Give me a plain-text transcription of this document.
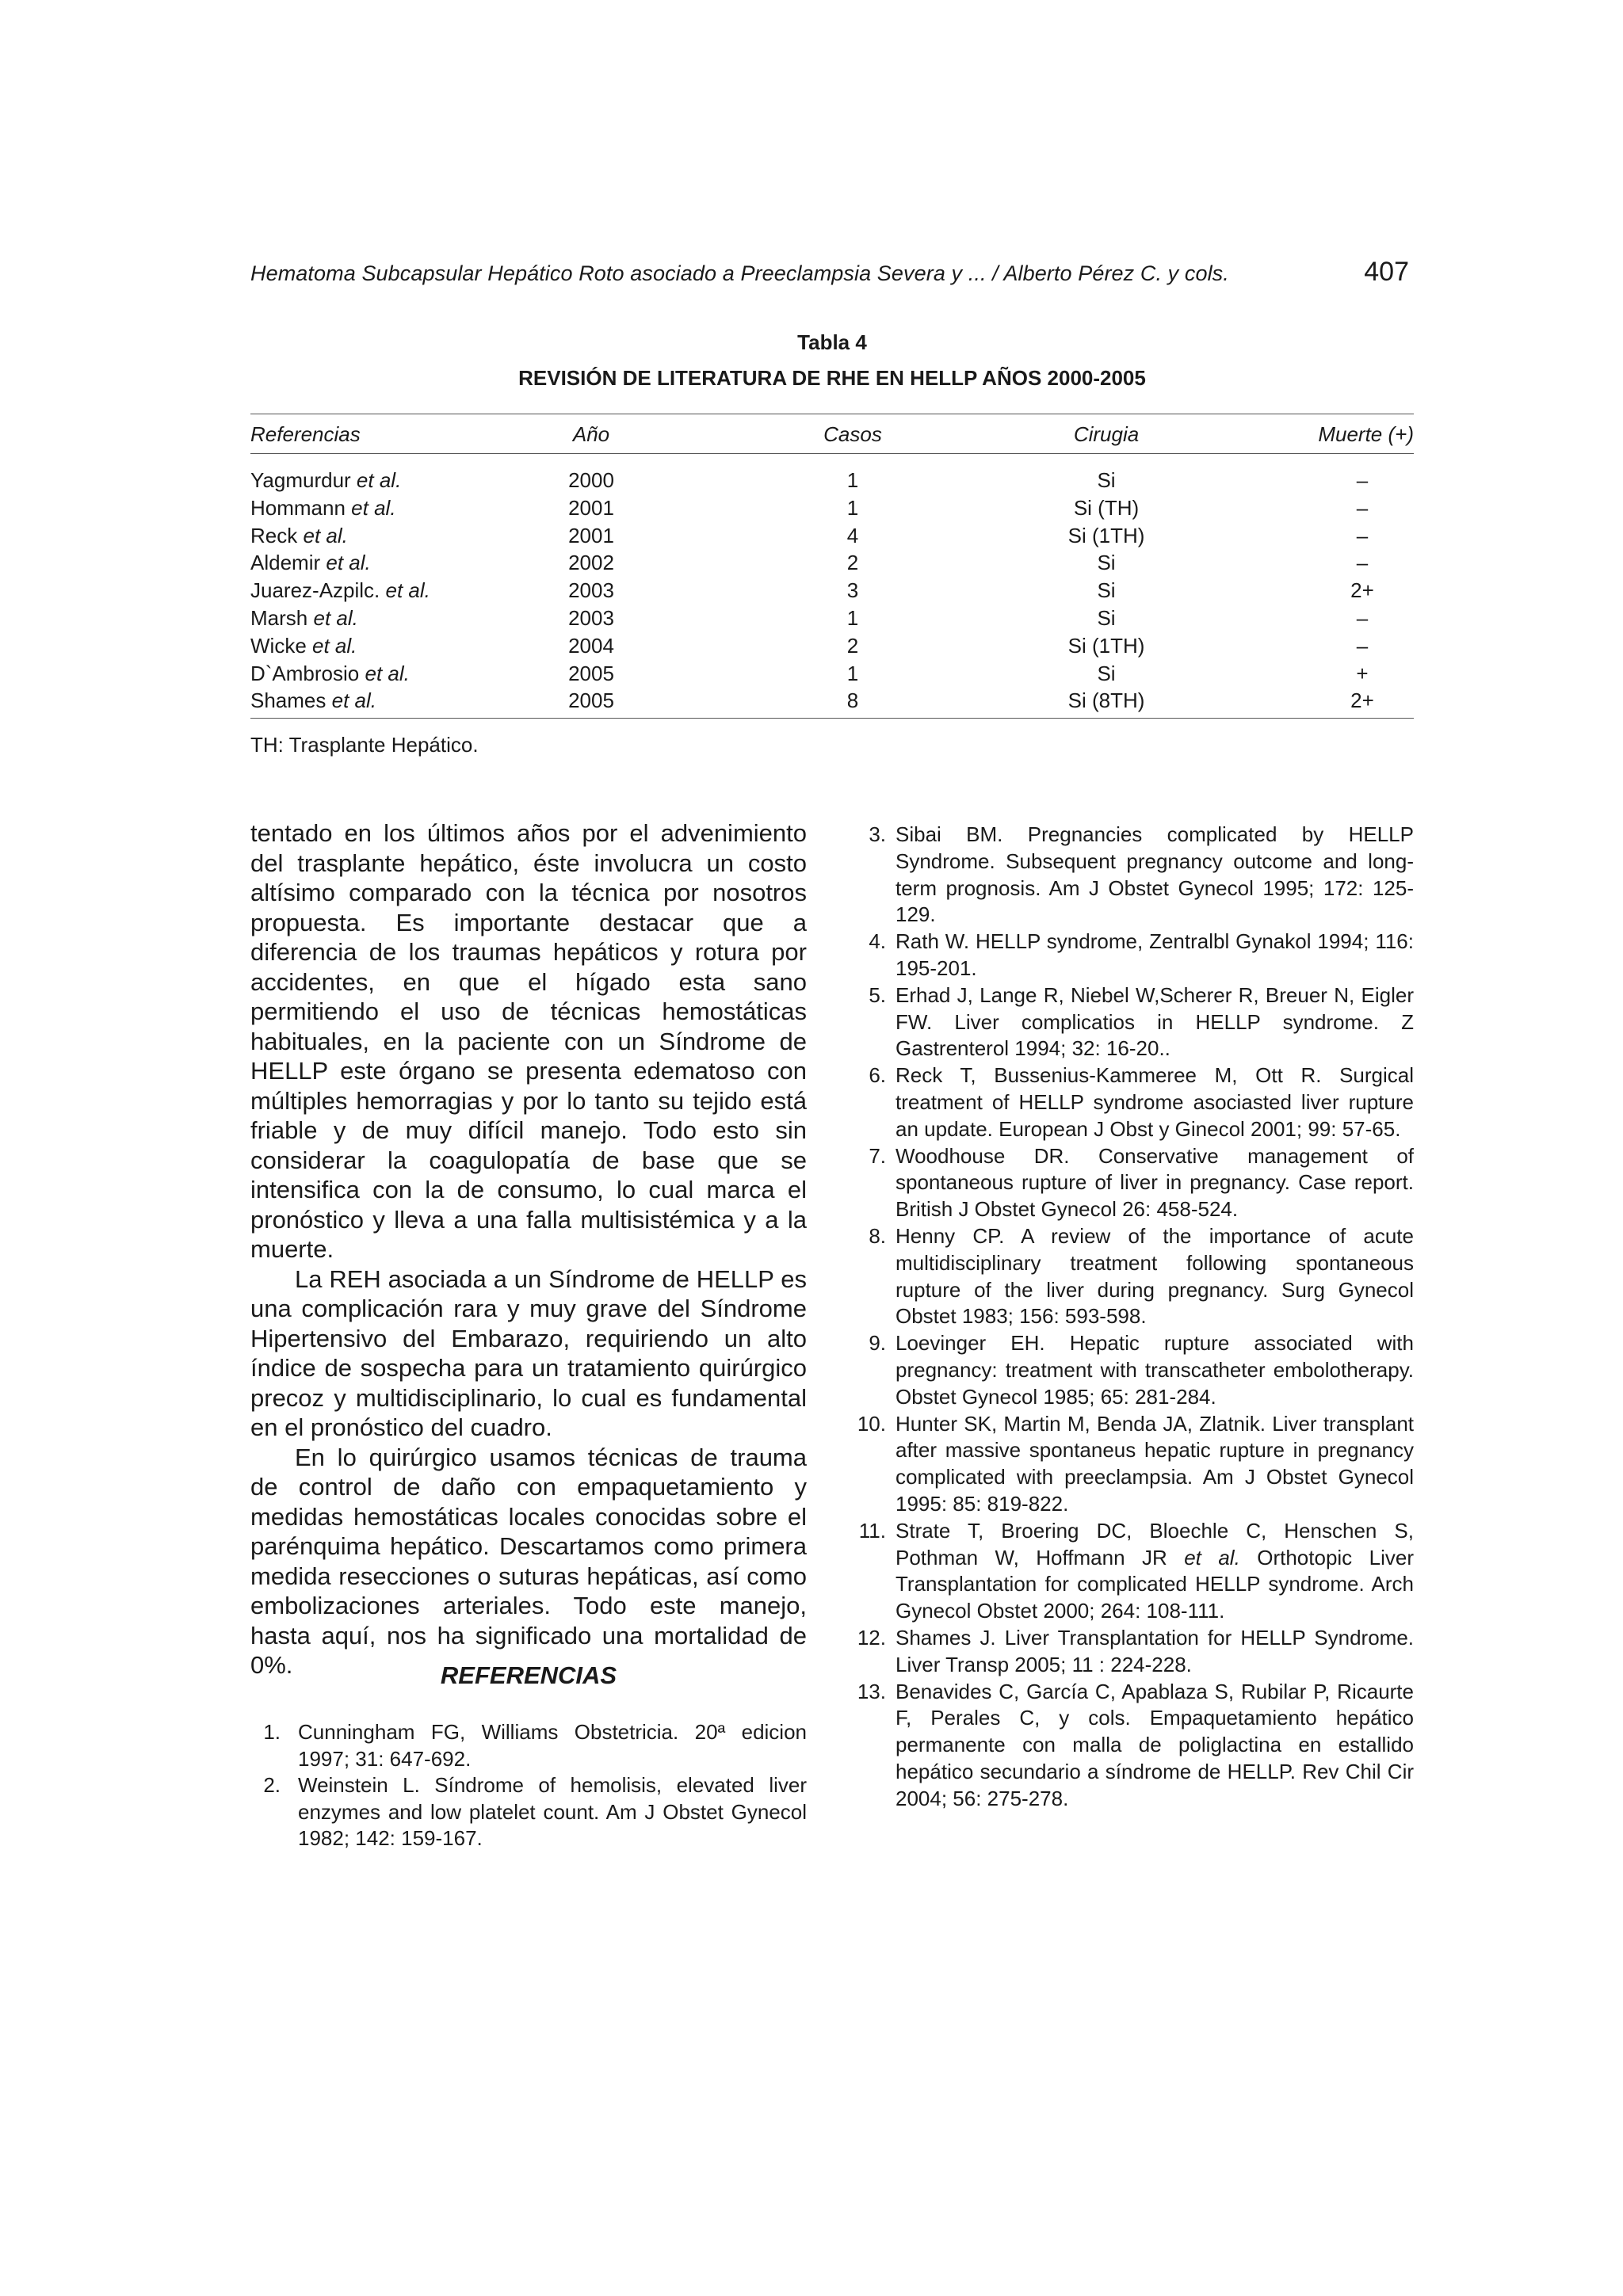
Hematoma Subcapsular Hepático Roto asociado a Preeclampsia Severa y ... / Alberto Pérez C. y cols.	407
Tabla 4
REVISIÓN DE LITERATURA DE RHE EN HELLP AÑOS 2000-2005
Referencias	Año	Casos	Cirugia	Muerte (+)
Yagmurdur et al.	2000	1	Si	–
Hommann et al.	2001	1	Si (TH)	–
Reck et al.	2001	4	Si (1TH)	–
Aldemir et al.	2002	2	Si	–
Juarez-Azpilc. et al.	2003	3	Si	2+
Marsh et al.	2003	1	Si	–
Wicke et al.	2004	2	Si (1TH)	–
D`Ambrosio et al.	2005	1	Si	+
Shames et al.	2005	8	Si (8TH)	2+
TH: Trasplante Hepático.

tentado en los últimos años por el advenimiento del trasplante hepático, éste involucra un costo altísimo comparado con la técnica por nosotros propuesta. Es importante destacar que a diferencia de los traumas hepáticos y rotura por accidentes, en que el hígado esta sano permitiendo el uso de técnicas hemostáticas habituales, en la paciente con un Síndrome de HELLP este órgano se presenta edematoso con múltiples hemorragias y por lo tanto su tejido está friable y de muy difícil manejo. Todo esto sin considerar la coagulopatía de base que se intensifica con la de consumo, lo cual marca el pronóstico y lleva a una falla multisistémica y a la muerte.

La REH asociada a un Síndrome de HELLP es una complicación rara y muy grave del Síndrome Hipertensivo del Embarazo, requiriendo un alto índice de sospecha para un tratamiento quirúrgico precoz y multidisciplinario, lo cual es fundamental en el pronóstico del cuadro.

En lo quirúrgico usamos técnicas de trauma de control de daño con empaquetamiento y medidas hemostáticas locales conocidas sobre el parénquima hepático. Descartamos como primera medida resecciones o suturas hepáticas, así como embolizaciones arteriales. Todo este manejo, hasta aquí, nos ha significado una mortalidad de 0%.	REFERENCIAS
1. Cunningham FG, Williams Obstetricia. 20ª edicion 1997; 31: 647-692.
2. Weinstein L. Síndrome of hemolisis, elevated liver enzymes and low platelet count. Am J Obstet Gynecol 1982; 142: 159-167.
3. Sibai BM. Pregnancies complicated by HELLP Syndrome. Subsequent pregnancy outcome and long-term prognosis. Am J Obstet Gynecol 1995; 172: 125-129.
4. Rath W. HELLP syndrome, Zentralbl Gynakol 1994; 116: 195-201.
5. Erhad J, Lange R, Niebel W,Scherer R, Breuer N, Eigler FW. Liver complicatios in HELLP syndrome. Z Gastrenterol 1994; 32: 16-20..
6. Reck T, Bussenius-Kammeree M, Ott R. Surgical treatment of HELLP syndrome asociasted liver rupture an update. European J Obst y Ginecol 2001; 99: 57-65.
7. Woodhouse DR. Conservative management of spontaneous rupture of liver in pregnancy. Case report. British J Obstet Gynecol 26: 458-524.
8. Henny CP. A review of the importance of acute multidisciplinary treatment following spontaneous rupture of the liver during pregnancy. Surg Gynecol Obstet 1983; 156: 593-598.
9. Loevinger EH. Hepatic rupture associated with pregnancy: treatment with transcatheter embolotherapy. Obstet Gynecol 1985; 65: 281-284.
10. Hunter SK, Martin M, Benda JA, Zlatnik. Liver transplant after massive spontaneus hepatic rupture in pregnancy complicated with preeclampsia. Am J Obstet Gynecol 1995: 85: 819-822.
11. Strate T, Broering DC, Bloechle C, Henschen S, Pothman W, Hoffmann JR et al. Orthotopic Liver Transplantation for complicated HELLP syndrome. Arch Gynecol Obstet 2000; 264: 108-111.
12. Shames J. Liver Transplantation for HELLP Syndrome. Liver Transp 2005; 11 : 224-228.
13. Benavides C, García C, Apablaza S, Rubilar P, Ricaurte F, Perales C, y cols. Empaquetamiento hepático permanente con malla de poliglactina en estallido hepático secundario a síndrome de HELLP. Rev Chil Cir 2004; 56: 275-278.
